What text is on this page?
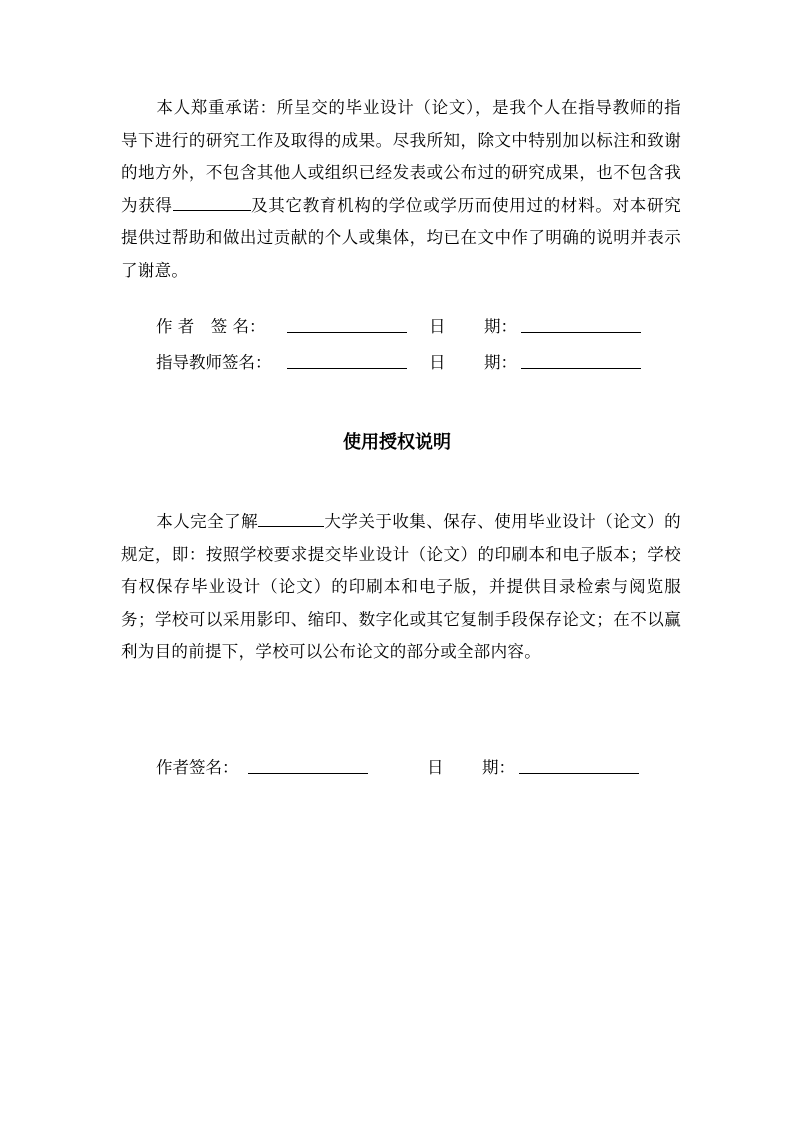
本人郑重承诺：所呈交的毕业设计（论文），是我个人在指导教师的指导下进行的研究工作及取得的成果。尽我所知，除文中特别加以标注和致谢的地方外，不包含其他人或组织已经发表或公布过的研究成果，也不包含我为获得	及其它教育机构的学位或学历而使用过的材料。对本研究提供过帮助和做出过贡献的个人或集体，均已在文中作了明确的说明并表示了谢意。
作 者　签 名：	日 期：
指导教师签名：	日 期：
使用授权说明
本人完全了解	大学关于收集、保存、使用毕业设计（论文）的规定，即：按照学校要求提交毕业设计（论文）的印刷本和电子版本；学校有权保存毕业设计（论文）的印刷本和电子版，并提供目录检索与阅览服务；学校可以采用影印、缩印、数字化或其它复制手段保存论文；在不以赢利为目的前提下，学校可以公布论文的部分或全部内容。
作者签名：	日 期：
